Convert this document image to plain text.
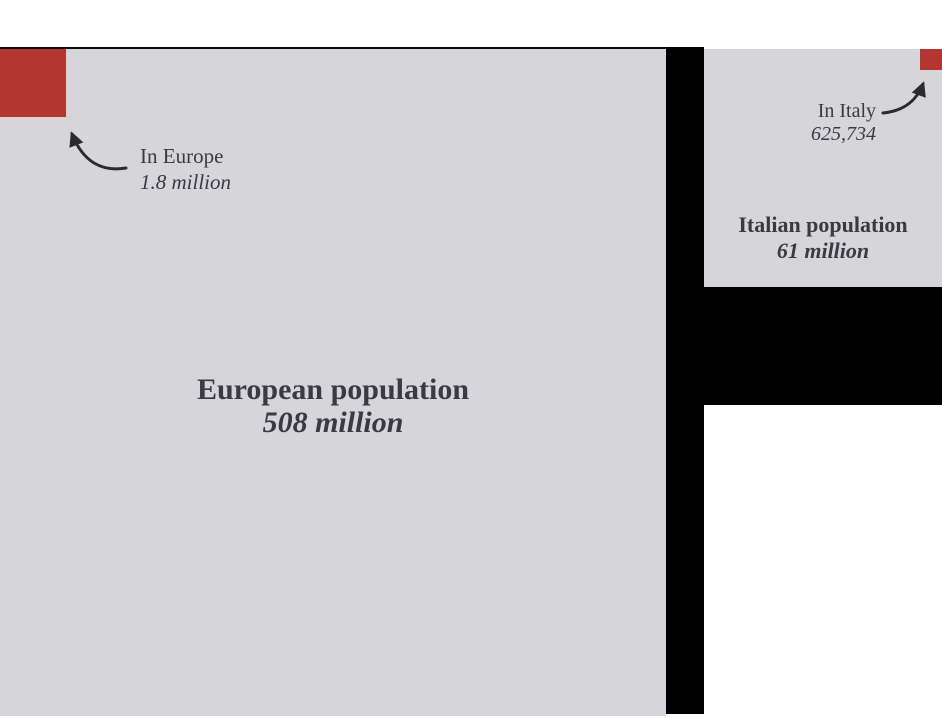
In Europe
1.8 million
European population
508 million
In Italy
625,734
Italian population
61 million
